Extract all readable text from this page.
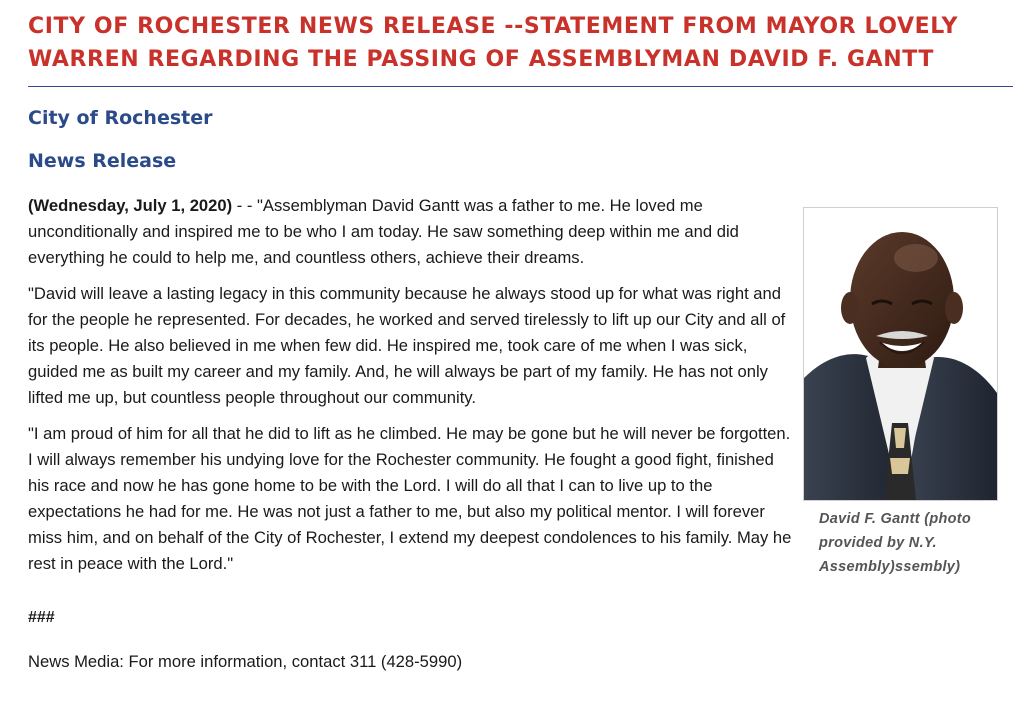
CITY OF ROCHESTER NEWS RELEASE --STATEMENT FROM MAYOR LOVELY WARREN REGARDING THE PASSING OF ASSEMBLYMAN DAVID F. GANTT
City of Rochester
News Release

(Wednesday, July 1, 2020) - - "Assemblyman David Gantt was a father to me. He loved me unconditionally and inspired me to be who I am today. He saw something deep within me and did everything he could to help me, and countless others, achieve their dreams.

"David will leave a lasting legacy in this community because he always stood up for what was right and for the people he represented. For decades, he worked and served tirelessly to lift up our City and all of its people. He also believed in me when few did. He inspired me, took care of me when I was sick, guided me as built my career and my family. And, he will always be part of my family. He has not only lifted me up, but countless people throughout our community.

"I am proud of him for all that he did to lift as he climbed. He may be gone but he will never be forgotten. I will always remember his undying love for the Rochester community. He fought a good fight, finished his race and now he has gone home to be with the Lord. I will do all that I can to live up to the expectations he had for me. He was not just a father to me, but also my political mentor. I will forever miss him, and on behalf of the City of Rochester, I extend my deepest condolences to his family. May he rest in peace with the Lord."

David F. Gantt (photo provided by N.Y. Assembly)ssembly)
###
News Media: For more information, contact 311 (428-5990)
